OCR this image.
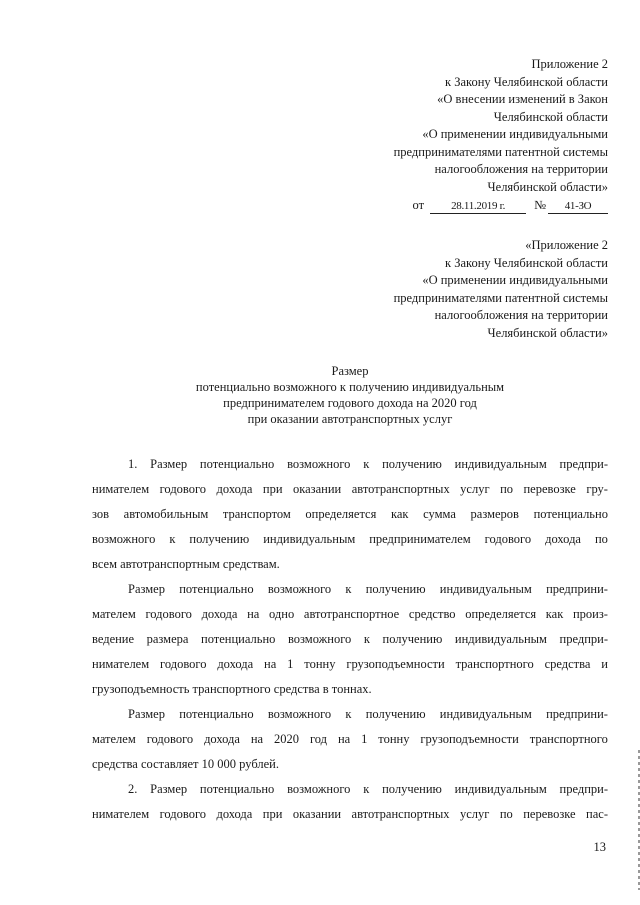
Приложение 2
к Закону Челябинской области
«О внесении изменений в Закон
Челябинской области
«О применении индивидуальными
предпринимателями патентной системы
налогообложения на территории
Челябинской области»
от 28.11.2019 г. № 41-ЗО
«Приложение 2
к Закону Челябинской области
«О применении индивидуальными
предпринимателями патентной системы
налогообложения на территории
Челябинской области»
Размер
потенциально возможного к получению индивидуальным
предпринимателем годового дохода на 2020 год
при оказании автотранспортных услуг
1. Размер потенциально возможного к получению индивидуальным предпри-
нимателем годового дохода при оказании автотранспортных услуг по перевозке гру-
зов автомобильным транспортом определяется как сумма размеров потенциально
возможного к получению индивидуальным предпринимателем годового дохода по
всем автотранспортным средствам.
Размер потенциально возможного к получению индивидуальным предприни-
мателем годового дохода на одно автотранспортное средство определяется как произ-
ведение размера потенциально возможного к получению индивидуальным предпри-
нимателем годового дохода на 1 тонну грузоподъемности транспортного средства и
грузоподъемность транспортного средства в тоннах.
Размер потенциально возможного к получению индивидуальным предприни-
мателем годового дохода на 2020 год на 1 тонну грузоподъемности транспортного
средства составляет 10 000 рублей.
2. Размер потенциально возможного к получению индивидуальным предпри-
нимателем годового дохода при оказании автотранспортных услуг по перевозке пас-
13
